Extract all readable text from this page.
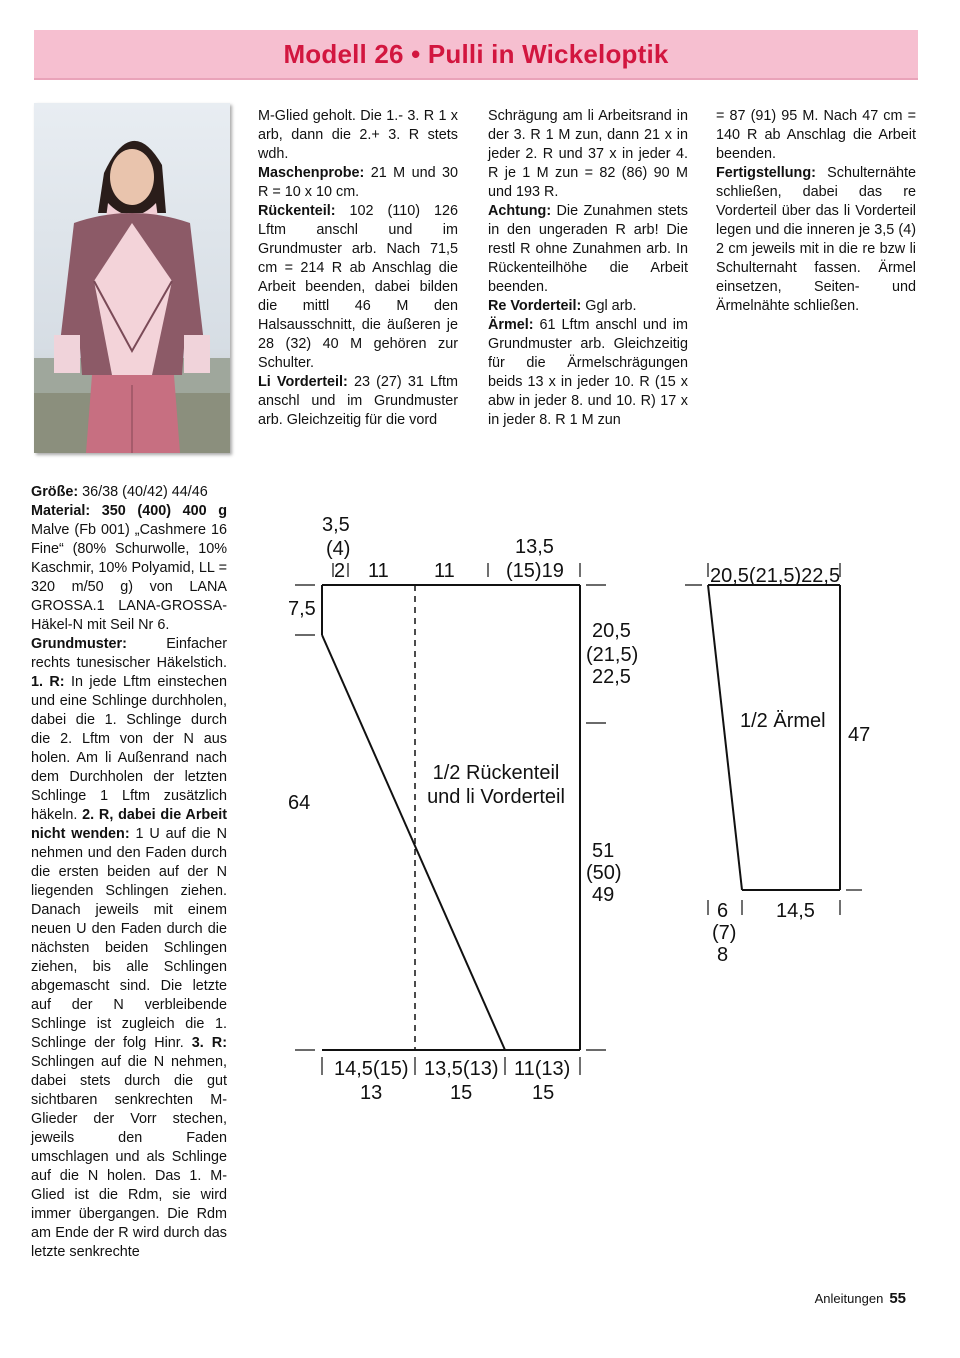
Modell 26 • Pulli in Wickeloptik

M-Glied geholt. Die 1.- 3. R 1 x arb, dann die 2.+ 3. R stets wdh.

Maschenprobe: 21 M und 30 R = 10 x 10 cm.

Rückenteil: 102 (110) 126 Lftm anschl und im Grundmuster arb. Nach 71,5 cm = 214 R ab Anschlag die Arbeit beenden, dabei bilden die mittl 46 M den Halsausschnitt, die äußeren je 28 (32) 40 M gehören zur Schulter.

Li Vorderteil: 23 (27) 31 Lftm anschl und im Grundmuster arb. Gleichzeitig für die vord

Schrägung am li Arbeitsrand in der 3. R 1 M zun, dann 21 x in jeder 2. R und 37 x in jeder 4. R je 1 M zun = 82 (86) 90 M und 193 R.

Achtung: Die Zunahmen stets in den ungeraden R arb! Die restl R ohne Zunahmen arb. In Rückenteilhöhe die Arbeit beenden.

Re Vorderteil: Ggl arb.

Ärmel: 61 Lftm anschl und im Grundmuster arb. Gleichzeitig für die Ärmelschrägungen beids 13 x in jeder 10. R (15 x abw in jeder 8. und 10. R) 17 x in jeder 8. R 1 M zun

= 87 (91) 95 M. Nach 47 cm = 140 R ab Anschlag die Arbeit beenden.

Fertigstellung: Schulternähte schließen, dabei das re Vorderteil über das li Vorderteil legen und die inneren je 3,5 (4) 2 cm jeweils mit in die re bzw li Schulternaht fassen. Ärmel einsetzen, Seiten- und Ärmelnähte schließen.

Größe: 36/38 (40/42) 44/46

Material: 350 (400) 400 g Malve (Fb 001) „Cashmere 16 Fine“ (80% Schurwolle, 10% Kaschmir, 10% Polyamid, LL = 320 m/50 g) von LANA GROSSA.1 LANA-GROSSA-Häkel-N mit Seil Nr 6.

Grundmuster: Einfacher rechts tunesischer Häkelstich. 1. R: In jede Lftm einstechen und eine Schlinge durchholen, dabei die 1. Schlinge durch die 2. Lftm von der N aus holen. Am li Außenrand nach dem Durchholen der letzten Schlinge 1 Lftm zusätzlich häkeln. 2. R, dabei die Arbeit nicht wenden: 1 U auf die N nehmen und den Faden durch die ersten beiden auf der N liegenden Schlingen ziehen. Danach jeweils mit einem neuen U den Faden durch die nächsten beiden Schlingen ziehen, bis alle Schlingen abgemascht sind. Die letzte auf der N verbleibende Schlinge ist zugleich die 1. Schlinge der folg Hinr. 3. R: Schlingen auf die N nehmen, dabei stets durch die gut sichtbaren senkrechten M-Glieder der Vorr stechen, jeweils den Faden umschlagen und als Schlinge auf die N holen. Das 1. M-Glied ist die Rdm, sie wird immer übergangen. Die Rdm am Ende der R wird durch das letzte senkrechte

3,5
(4)
2 11 11
13,5
(15)19
7,5
64
20,5
(21,5)
22,5
51
(50)
49
1/2 Rückenteil
und li Vorderteil
14,5(15)
13
13,5(13)
15
11(13)
15
20,5(21,5)22,5
1/2 Ärmel
47
6
(7)
8
14,5
Anleitungen 55
